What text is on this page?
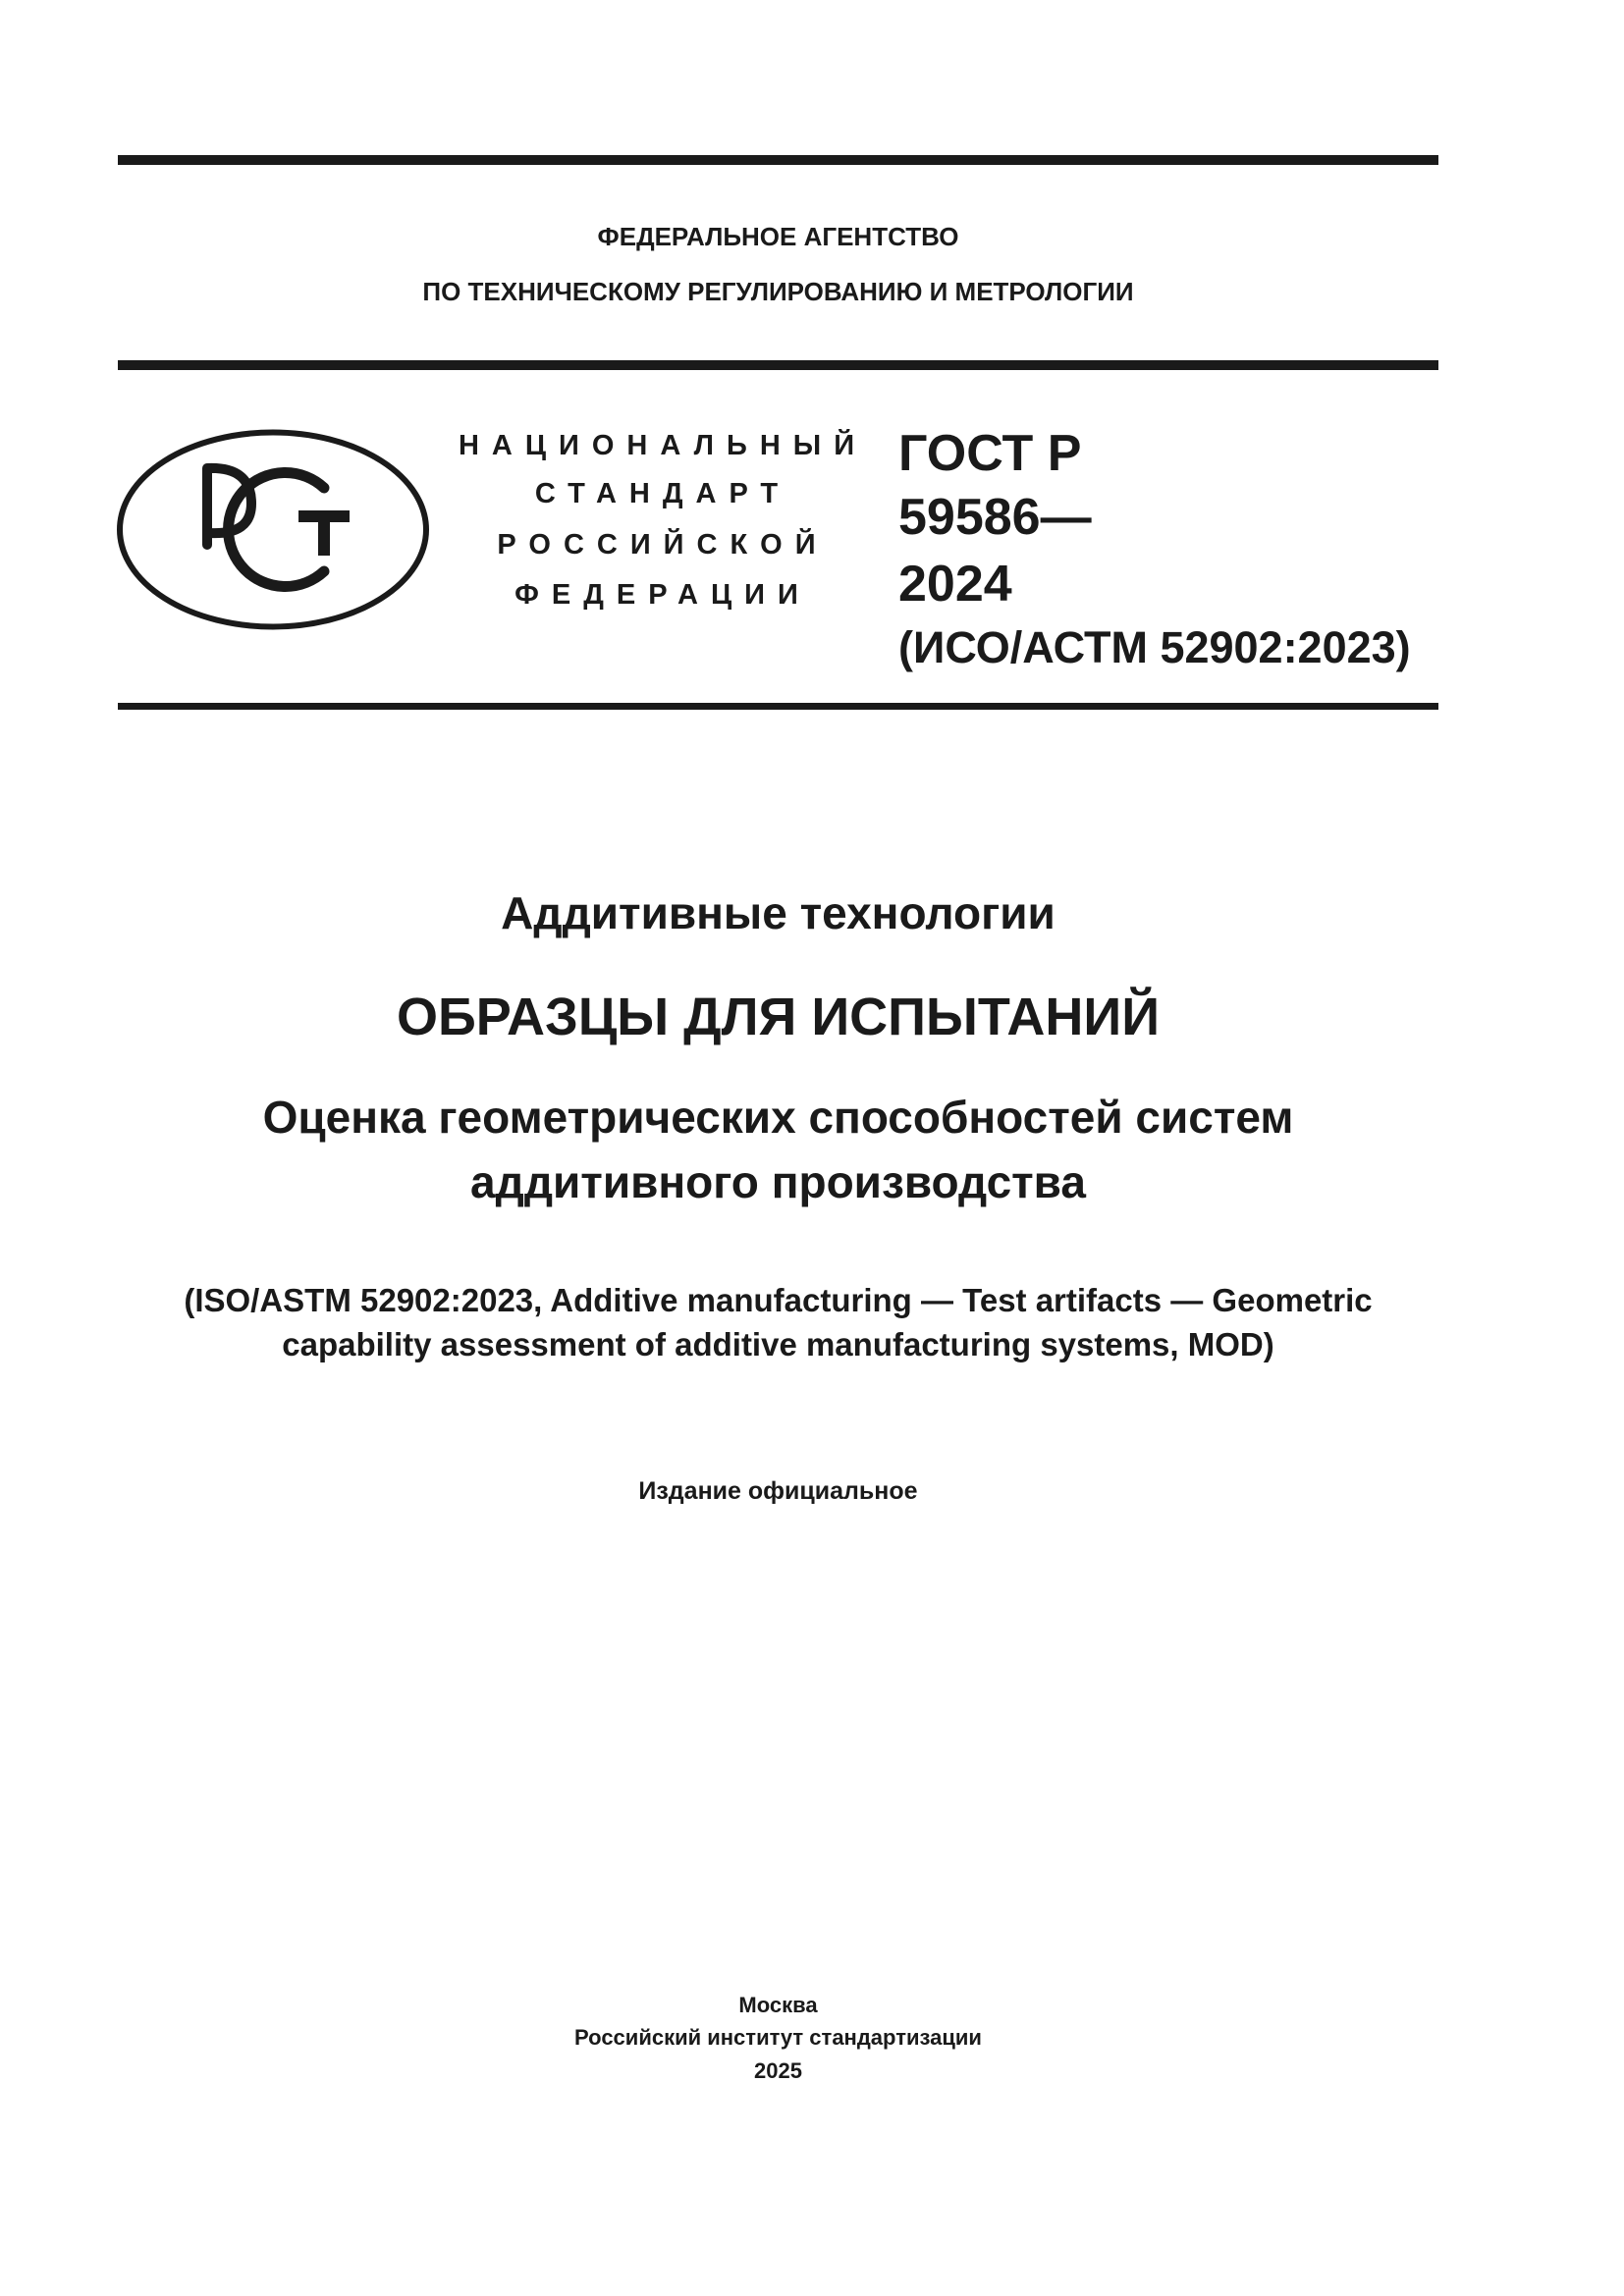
ФЕДЕРАЛЬНОЕ АГЕНТСТВО
ПО ТЕХНИЧЕСКОМУ РЕГУЛИРОВАНИЮ И МЕТРОЛОГИИ
НАЦИОНАЛЬНЫЙ
СТАНДАРТ
РОССИЙСКОЙ
ФЕДЕРАЦИИ
ГОСТ Р
59586—
2024
(ИСО/АСТМ 52902:2023)
Аддитивные технологии
ОБРАЗЦЫ ДЛЯ ИСПЫТАНИЙ
Оценка геометрических способностей систем
аддитивного производства
(ISO/ASTM 52902:2023, Additive manufacturing — Test artifacts — Geometric
capability assessment of additive manufacturing systems, MOD)
Издание официальное
Москва
Российский институт стандартизации
2025
